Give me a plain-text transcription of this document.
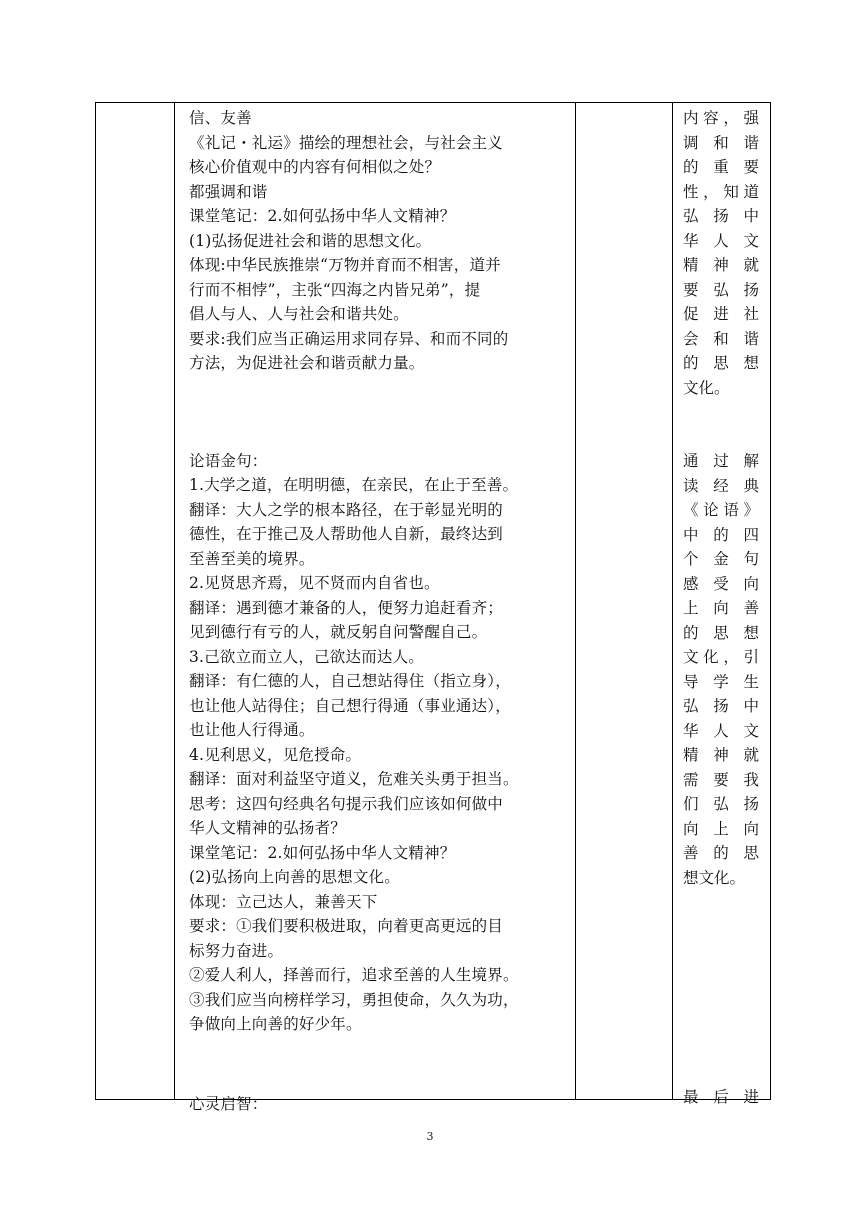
信、友善

《礼记・礼运》描绘的理想社会，与社会主义

核心价值观中的内容有何相似之处？

都强调和谐

课堂笔记：2.如何弘扬中华人文精神？

(1)弘扬促进社会和谐的思想文化。

体现:中华民族推崇“万物并育而不相害，道并

行而不相悖”，主张“四海之内皆兄弟”，提

倡人与人、人与社会和谐共处。

要求:我们应当正确运用求同存异、和而不同的

方法，为促进社会和谐贡献力量。

论语金句：

1.大学之道，在明明德，在亲民，在止于至善。

翻译：大人之学的根本路径，在于彰显光明的

德性，在于推己及人帮助他人自新，最终达到

至善至美的境界。

2.见贤思齐焉，见不贤而内自省也。

翻译：遇到德才兼备的人，便努力追赶看齐；

见到德行有亏的人，就反躬自问警醒自己。

3.己欲立而立人，己欲达而达人。

翻译：有仁德的人，自己想站得住（指立身），

也让他人站得住；自己想行得通（事业通达），

也让他人行得通。

4.见利思义，见危授命。

翻译：面对利益坚守道义，危难关头勇于担当。

思考：这四句经典名句提示我们应该如何做中

华人文精神的弘扬者？

课堂笔记：2.如何弘扬中华人文精神？

(2)弘扬向上向善的思想文化。

体现：立己达人，兼善天下

要求：①我们要积极进取，向着更高更远的目

标努力奋进。

②爱人利人，择善而行，追求至善的人生境界。

③我们应当向榜样学习，勇担使命，久久为功，

争做向上向善的好少年。

心灵启智：

内容，强

调和谐

的重要

性，知道

弘扬中

华人文

精神就

要弘扬

促进社

会和谐

的思想

文化。

通过解

读经典

《论语》

中的四

个金句

感受向

上向善

的思想

文化，引

导学生

弘扬中

华人文

精神就

需要我

们弘扬

向上向

善的思

想文化。

最后进

3
